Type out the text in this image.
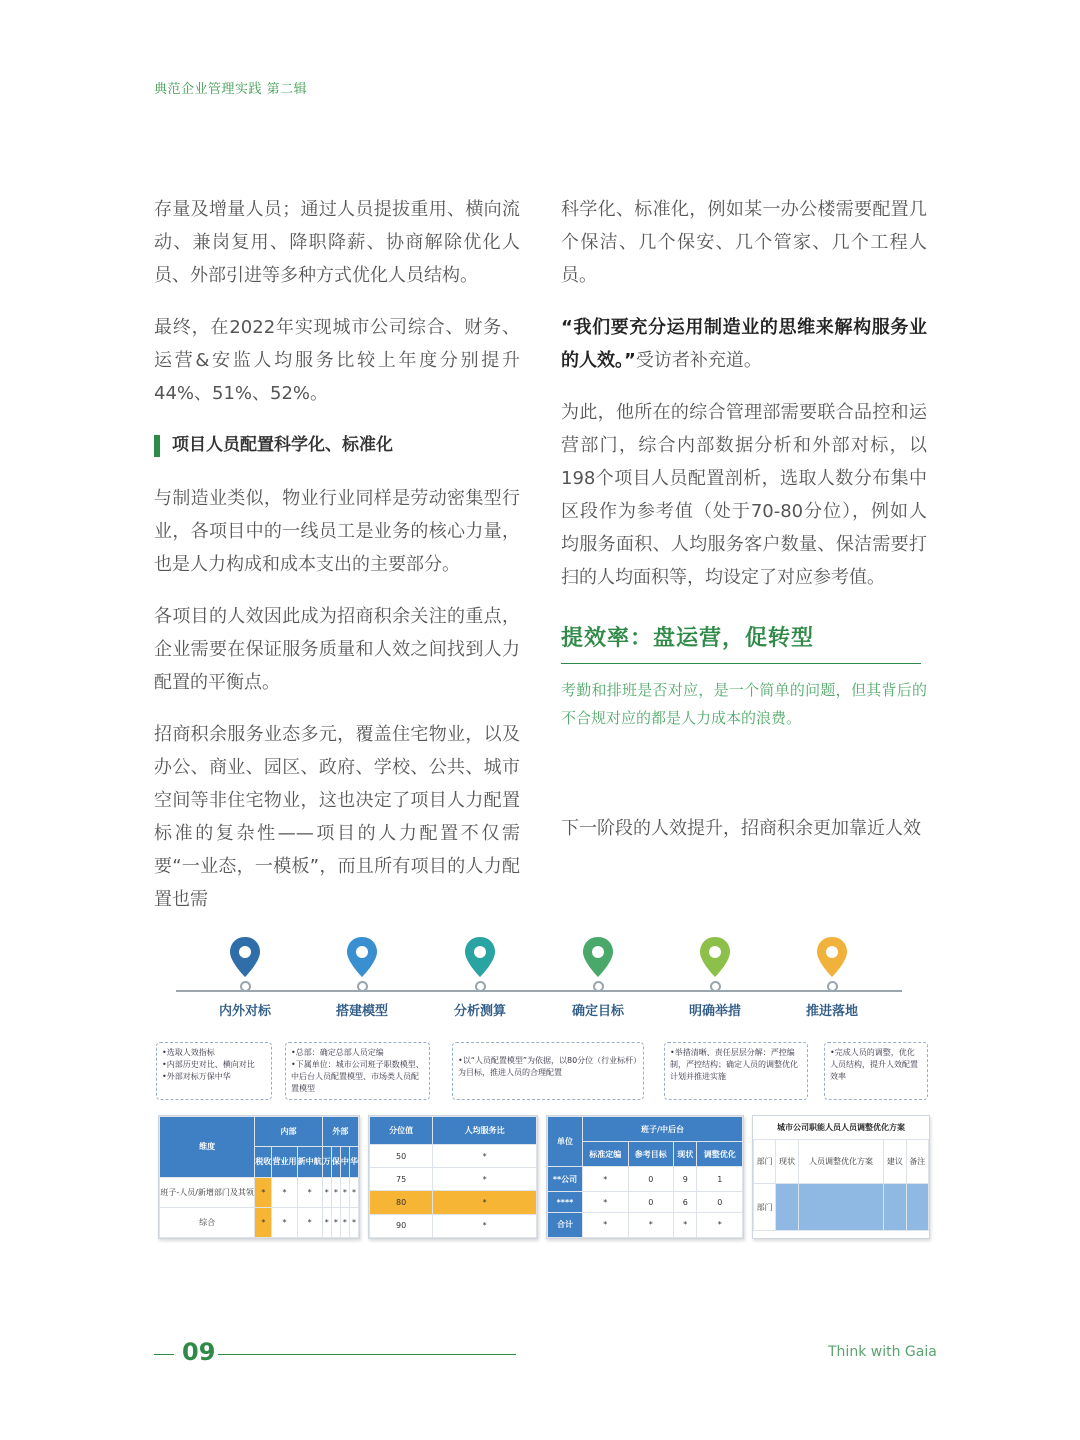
典范企业管理实践 第二辑

存量及增量人员；通过人员提拔重用、横向流动、兼岗复用、降职降薪、协商解除优化人员、外部引进等多种方式优化人员结构。

最终，在2022年实现城市公司综合、财务、运营&安监人均服务比较上年度分别提升44%、51%、52%。

项目人员配置科学化、标准化

与制造业类似，物业行业同样是劳动密集型行业，各项目中的一线员工是业务的核心力量，也是人力构成和成本支出的主要部分。

各项目的人效因此成为招商积余关注的重点，企业需要在保证服务质量和人效之间找到人力配置的平衡点。

招商积余服务业态多元，覆盖住宅物业，以及办公、商业、园区、政府、学校、公共、城市空间等非住宅物业，这也决定了项目人力配置标准的复杂性——项目的人力配置不仅需要“一业态，一模板”，而且所有项目的人力配置也需

科学化、标准化，例如某一办公楼需要配置几个保洁、几个保安、几个管家、几个工程人员。

“我们要充分运用制造业的思维来解构服务业的人效。”受访者补充道。

为此，他所在的综合管理部需要联合品控和运营部门，综合内部数据分析和外部对标，以198个项目人员配置剖析，选取人数分布集中区段作为参考值（处于70-80分位），例如人均服务面积、人均服务客户数量、保洁需要打扫的人均面积等，均设定了对应参考值。

提效率：盘运营，促转型

考勤和排班是否对应，是一个简单的问题，但其背后的不合规对应的都是人力成本的浪费。

下一阶段的人效提升，招商积余更加靠近人效

内外对标	搭建模型	分析测算	确定目标	明确举措	推进落地
•选取人效指标
•内部历史对比、横向对比
•外部对标万保中华
•总部：确定总部人员定编
•下属单位：城市公司班子职数模型、中后台人员配置模型、市场类人员配置模型
•以“人员配置模型”为依据，以80分位（行业标杆）为目标，推进人员的合理配置
•举措清晰、责任层层分解：严控编制，严控结构；确定人员的调整优化计划并推进实施
•完成人员的调整，优化人员结构，提升人效配置效率
维度	内部			外部			
	税收	营业用	新中航	万	保	中	华
班子-人员/新增部门及其领	*	*	*	*	*	*	*
综合	*	*	*	*	*	*	*
分位值	人均服务比
50	*
75	*
80	*
90	*
单位	班子/中后台			
	标准定编	参考目标	现状	调整优化
**公司	*	0	9	1
****	*	0	6	0
合计	*	*	*	*
城市公司职能人员人员调整优化方案
部门	现状	人员调整优化方案	建议	备注
部门				
09	Think with Gaia
